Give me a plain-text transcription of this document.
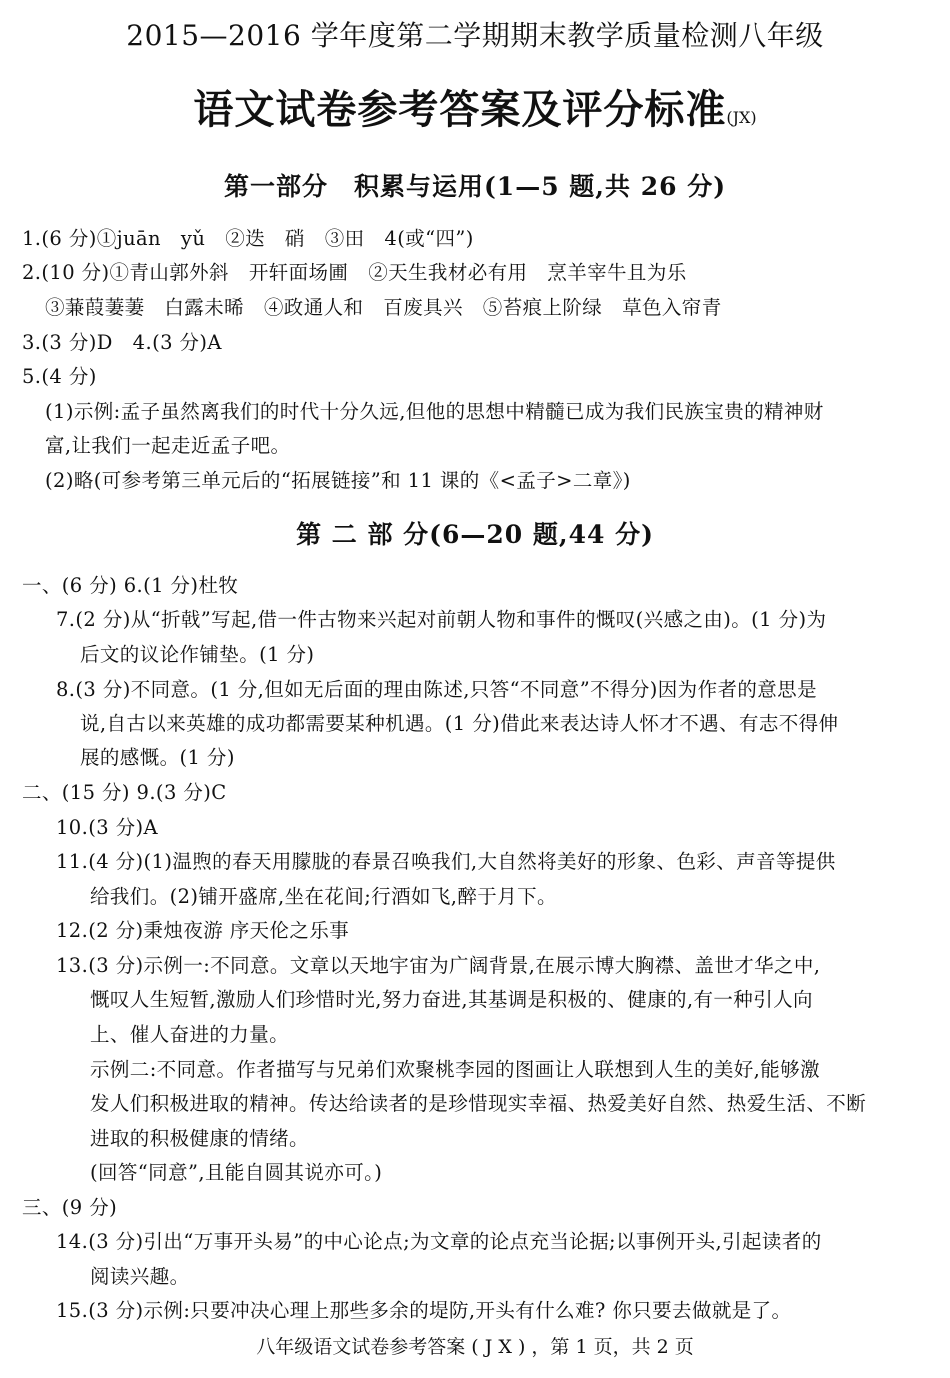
2015—2016 学年度第二学期期末教学质量检测八年级
语文试卷参考答案及评分标准(JX)
第一部分　积累与运用(1—5 题,共 26 分)
1.(6 分)①juān　yǔ　②迭　硝　③田　4(或“四”)
2.(10 分)①青山郭外斜　开轩面场圃　②天生我材必有用　烹羊宰牛且为乐
③蒹葭萋萋　白露未晞　④政通人和　百废具兴　⑤苔痕上阶绿　草色入帘青
3.(3 分)D　4.(3 分)A
5.(4 分)
(1)示例:孟子虽然离我们的时代十分久远,但他的思想中精髓已成为我们民族宝贵的精神财
富,让我们一起走近孟子吧。
(2)略(可参考第三单元后的“拓展链接”和 11 课的《<孟子>二章》)
第 二 部 分(6—20 题,44 分)
一、(6 分) 6.(1 分)杜牧
7.(2 分)从“折戟”写起,借一件古物来兴起对前朝人物和事件的慨叹(兴感之由)。(1 分)为
后文的议论作铺垫。(1 分)
8.(3 分)不同意。(1 分,但如无后面的理由陈述,只答“不同意”不得分)因为作者的意思是
说,自古以来英雄的成功都需要某种机遇。(1 分)借此来表达诗人怀才不遇、有志不得伸
展的感慨。(1 分)
二、(15 分) 9.(3 分)C
10.(3 分)A
11.(4 分)(1)温煦的春天用朦胧的春景召唤我们,大自然将美好的形象、色彩、声音等提供
给我们。(2)铺开盛席,坐在花间;行酒如飞,醉于月下。
12.(2 分)秉烛夜游 序天伦之乐事
13.(3 分)示例一:不同意。文章以天地宇宙为广阔背景,在展示博大胸襟、盖世才华之中,
慨叹人生短暂,激励人们珍惜时光,努力奋进,其基调是积极的、健康的,有一种引人向
上、催人奋进的力量。
示例二:不同意。作者描写与兄弟们欢聚桃李园的图画让人联想到人生的美好,能够激
发人们积极进取的精神。传达给读者的是珍惜现实幸福、热爱美好自然、热爱生活、不断
进取的积极健康的情绪。
(回答“同意”,且能自圆其说亦可。)
三、(9 分)
14.(3 分)引出“万事开头易”的中心论点;为文章的论点充当论据;以事例开头,引起读者的
阅读兴趣。
15.(3 分)示例:只要冲决心理上那些多余的堤防,开头有什么难? 你只要去做就是了。
八年级语文试卷参考答案 ( J X ) ，第 1 页，共 2 页
